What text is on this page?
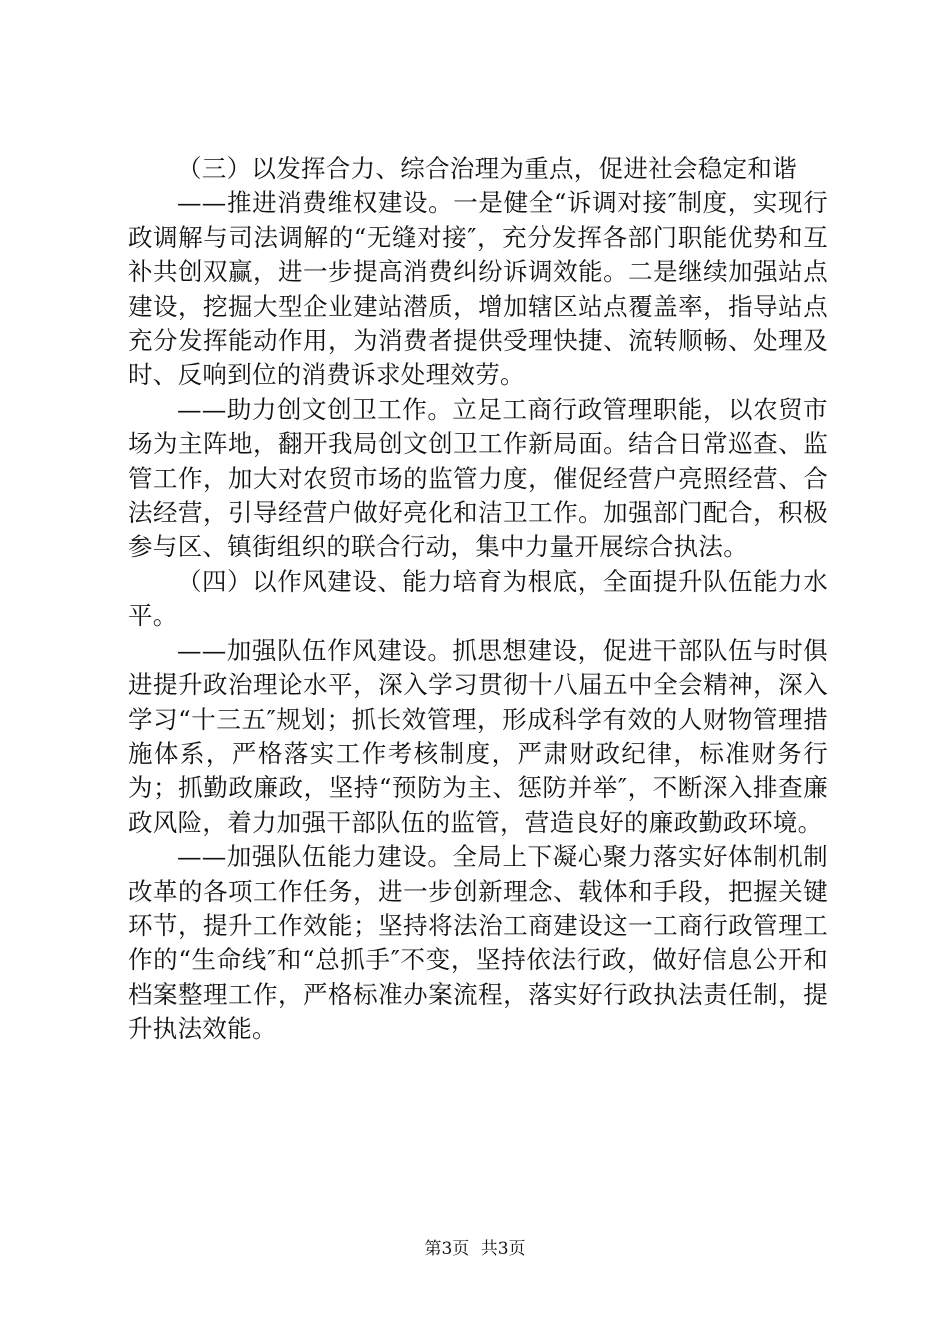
（三）以发挥合力、综合治理为重点，促进社会稳定和谐

——推进消费维权建设。一是健全“诉调对接″制度，实现行政调解与司法调解的“无缝对接″，充分发挥各部门职能优势和互补共创双赢，进一步提高消费纠纷诉调效能。二是继续加强站点建设，挖掘大型企业建站潜质，增加辖区站点覆盖率，指导站点充分发挥能动作用，为消费者提供受理快捷、流转顺畅、处理及时、反响到位的消费诉求处理效劳。

——助力创文创卫工作。立足工商行政管理职能，以农贸市场为主阵地，翻开我局创文创卫工作新局面。结合日常巡查、监管工作，加大对农贸市场的监管力度，催促经营户亮照经营、合法经营，引导经营户做好亮化和洁卫工作。加强部门配合，积极参与区、镇街组织的联合行动，集中力量开展综合执法。

（四）以作风建设、能力培育为根底，全面提升队伍能力水平。

——加强队伍作风建设。抓思想建设，促进干部队伍与时俱进提升政治理论水平，深入学习贯彻十八届五中全会精神，深入学习“十三五″规划；抓长效管理，形成科学有效的人财物管理措施体系，严格落实工作考核制度，严肃财政纪律，标准财务行为；抓勤政廉政，坚持“预防为主、惩防并举″，不断深入排查廉政风险，着力加强干部队伍的监管，营造良好的廉政勤政环境。

——加强队伍能力建设。全局上下凝心聚力落实好体制机制改革的各项工作任务，进一步创新理念、载体和手段，把握关键环节，提升工作效能；坚持将法治工商建设这一工商行政管理工作的“生命线″和“总抓手″不变，坚持依法行政，做好信息公开和档案整理工作，严格标准办案流程，落实好行政执法责任制，提升执法效能。

第3页 共3页
